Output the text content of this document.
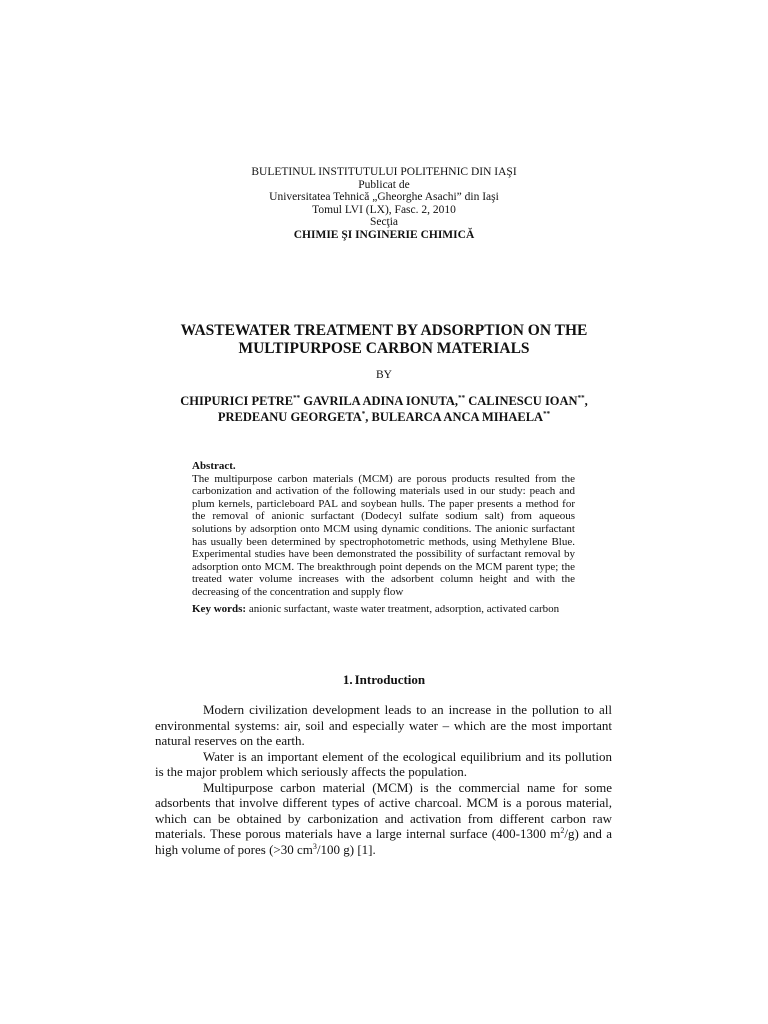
BULETINUL INSTITUTULUI POLITEHNIC DIN IAŞI
Publicat de
Universitatea Tehnică „Gheorghe Asachi” din Iaşi
Tomul LVI (LX), Fasc. 2, 2010
Secţia
CHIMIE ŞI INGINERIE CHIMICĂ
WASTEWATER TREATMENT BY ADSORPTION ON THE
MULTIPURPOSE CARBON MATERIALS
BY
CHIPURICI PETRE** GAVRILA ADINA IONUTA,** CALINESCU IOAN**,
PREDEANU GEORGETA*, BULEARCA ANCA MIHAELA**
Abstract.
The multipurpose carbon materials (MCM) are porous products resulted from the carbonization and activation of the following materials used in our study: peach and plum kernels, particleboard PAL and soybean hulls. The paper presents a method for the removal of anionic surfactant (Dodecyl sulfate sodium salt) from aqueous solutions by adsorption onto MCM using dynamic conditions. The anionic surfactant has usually been determined by spectrophotometric methods, using Methylene Blue. Experimental studies have been demonstrated the possibility of surfactant removal by adsorption onto MCM. The breakthrough point depends on the MCM parent type; the treated water volume increases with the adsorbent column height and with the decreasing of the concentration and supply flow
Key words: anionic surfactant, waste water treatment, adsorption, activated carbon
1. Introduction

Modern civilization development leads to an increase in the pollution to all environmental systems: air, soil and especially water – which are the most important natural reserves on the earth.

Water is an important element of the ecological equilibrium and its pollution is the major problem which seriously affects the population.

Multipurpose carbon material (MCM) is the commercial name for some adsorbents that involve different types of active charcoal. MCM is a porous material, which can be obtained by carbonization and activation from different carbon raw materials. These porous materials have a large internal surface (400-1300 $m^2/g$) and a high volume of pores (>30 $cm^3/100$ g) [1].
